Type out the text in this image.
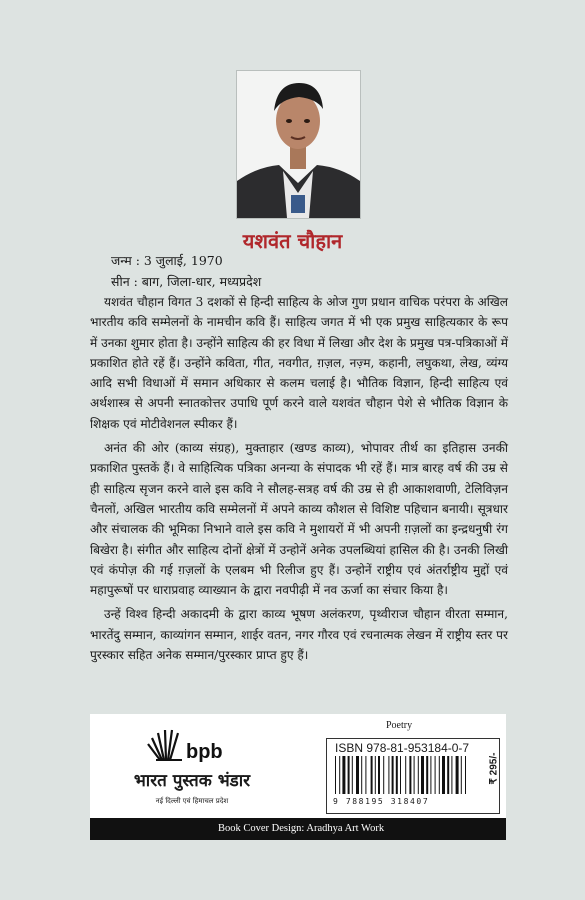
यशवंत चौहान
जन्म : 3 जुलाई, 1970
सीन : बाग, जिला-धार, मध्यप्रदेश

यशवंत चौहान विगत 3 दशकों से हिन्दी साहित्य के ओज गुण प्रधान वाचिक परंपरा के अखिल भारतीय कवि सम्मेलनों के नामचीन कवि हैं। साहित्य जगत में भी एक प्रमुख साहित्यकार के रूप में उनका शुमार होता है। उन्होंने साहित्य की हर विधा में लिखा और देश के प्रमुख पत्र-पत्रिकाओं में प्रकाशित होते रहें हैं। उन्होंने कविता, गीत, नवगीत, ग़ज़ल, नज़्म, कहानी, लघुकथा, लेख, व्यंग्य आदि सभी विधाओं में समान अधिकार से कलम चलाई है। भौतिक विज्ञान, हिन्दी साहित्य एवं अर्थशास्त्र से अपनी स्नातकोत्तर उपाधि पूर्ण करने वाले यशवंत चौहान पेशे से भौतिक विज्ञान के शिक्षक एवं मोटीवेशनल स्पीकर हैं।

अनंत की ओर (काव्य संग्रह), मुक्ताहार (खण्ड काव्य), भोपावर तीर्थ का इतिहास उनकी प्रकाशित पुस्तकें हैं। वे साहित्यिक पत्रिका अनन्या के संपादक भी रहें हैं। मात्र बारह वर्ष की उम्र से ही साहित्य सृजन करने वाले इस कवि ने सौलह-सत्रह वर्ष की उम्र से ही आकाशवाणी, टेलिविज़न चैनलों, अखिल भारतीय कवि सम्मेलनों में अपने काव्य कौशल से विशिष्ट पहिचान बनायी। सूत्रधार और संचालक की भूमिका निभाने वाले इस कवि ने मुशायरों में भी अपनी ग़ज़लों का इन्द्रधनुषी रंग बिखेरा है। संगीत और साहित्य दोनों क्षेत्रों में उन्होनें अनेक उपलब्धियां हासिल की है। उनकी लिखी एवं कंपोज़ की गई ग़ज़लों के एलबम भी रिलीज हुए हैं। उन्होनें राष्ट्रीय एवं अंतर्राष्ट्रीय मुद्दों एवं महापुरूषों पर धाराप्रवाह व्याख्यान के द्वारा नवपीढ़ी में नव ऊर्जा का संचार किया है।

उन्हें विश्व हिन्दी अकादमी के द्वारा काव्य भूषण अलंकरण, पृथ्वीराज चौहान वीरता सम्मान, भारतेंदु सम्मान, काव्यांगन सम्मान, शाईर वतन, नगर गौरव एवं रचनात्मक लेखन में राष्ट्रीय स्तर पर पुरस्कार सहित अनेक सम्मान/पुरस्कार प्राप्त हुए हैं।

bpb
भारत पुस्तक भंडार
नई दिल्ली एवं हिमाचल प्रदेश
Poetry
ISBN 978-81-953184-0-7
9 788195 318407
₹ 295/-
Book Cover Design: Aradhya Art Work
